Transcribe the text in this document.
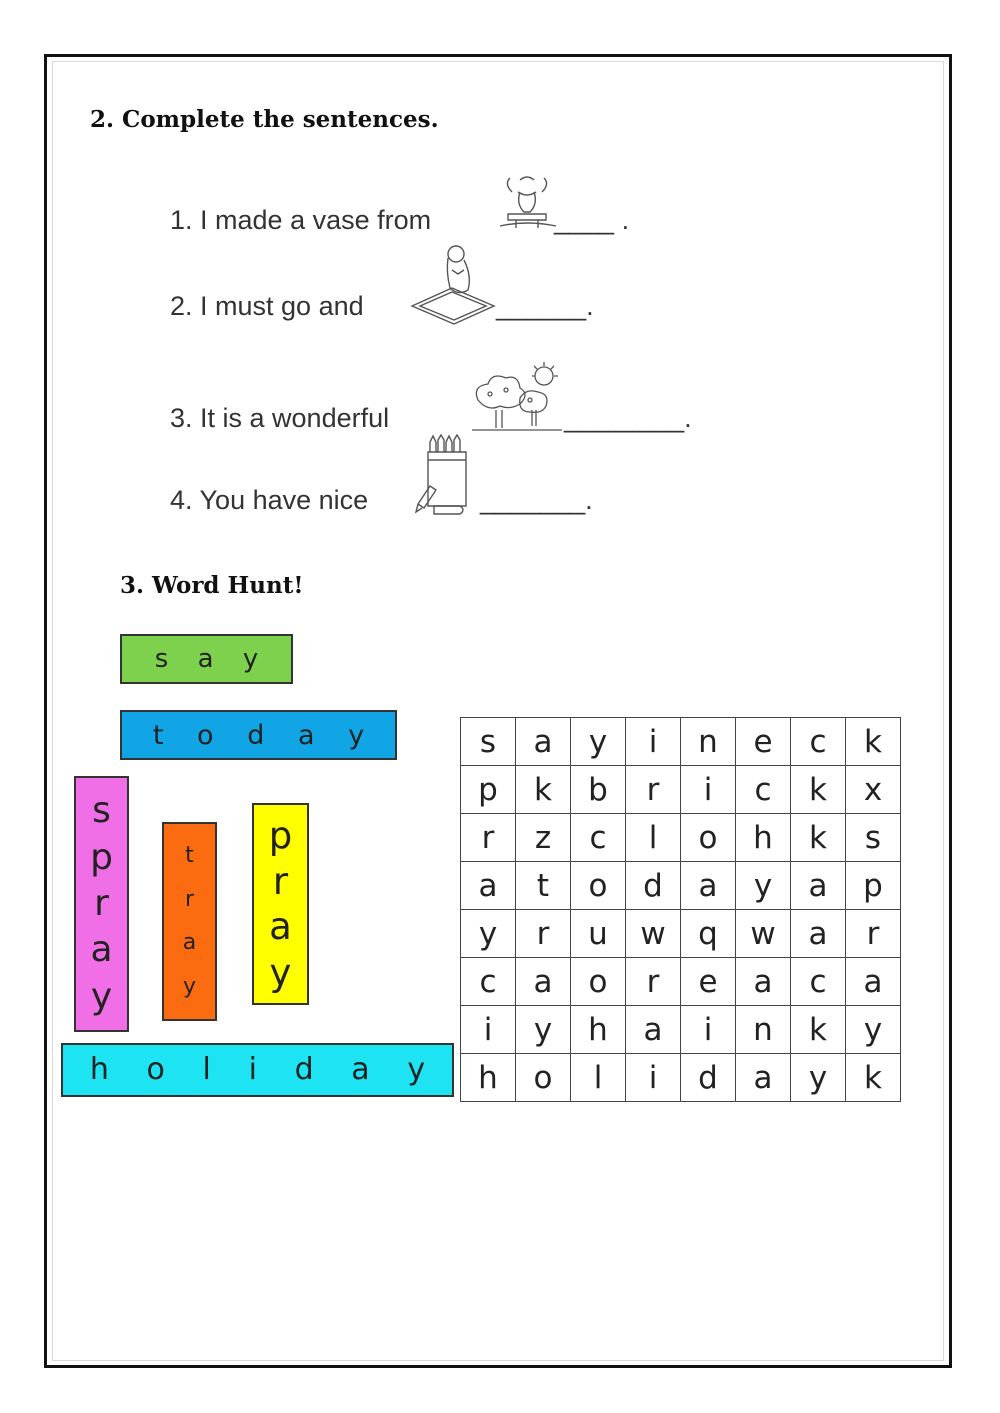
2. Complete the sentences.
1. I made a vase from	____ .
2. I must go and	______.
3. It is a wonderful	________.
4. You have nice	_______.
3. Word Hunt!
s a y
t o d a y
s
p
r
a
y
t
r
a
y
p
r
a
y
h o l i d a y
s	a	y	i	n	e	c	k
p	k	b	r	i	c	k	x
r	z	c	l	o	h	k	s
a	t	o	d	a	y	a	p
y	r	u	w	q	w	a	r
c	a	o	r	e	a	c	a
i	y	h	a	i	n	k	y
h	o	l	i	d	a	y	k
